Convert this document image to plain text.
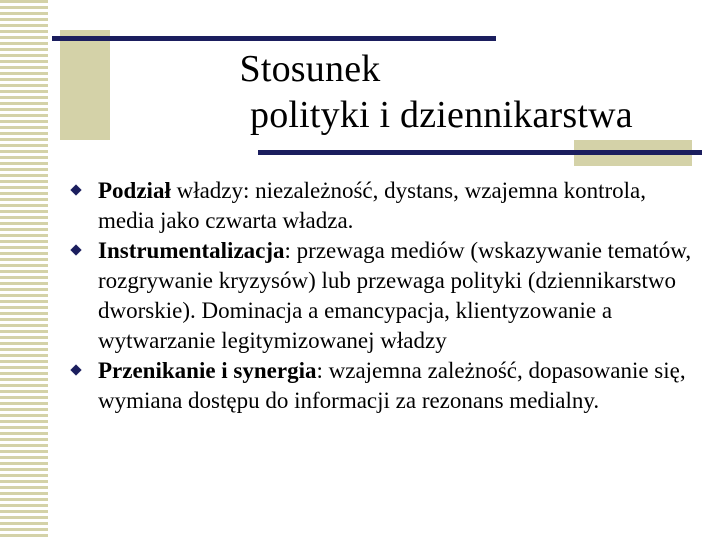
Stosunek
polityki i dziennikarstwa

Podział władzy: niezależność, dystans, wzajemna kontrola, media jako czwarta władza.

Instrumentalizacja: przewaga mediów (wskazywanie tematów, rozgrywanie kryzysów) lub przewaga polityki (dziennikarstwo dworskie). Dominacja a emancypacja, klientyzowanie a wytwarzanie legitymizowanej władzy

Przenikanie i synergia: wzajemna zależność, dopasowanie się, wymiana dostępu do informacji za rezonans medialny.
